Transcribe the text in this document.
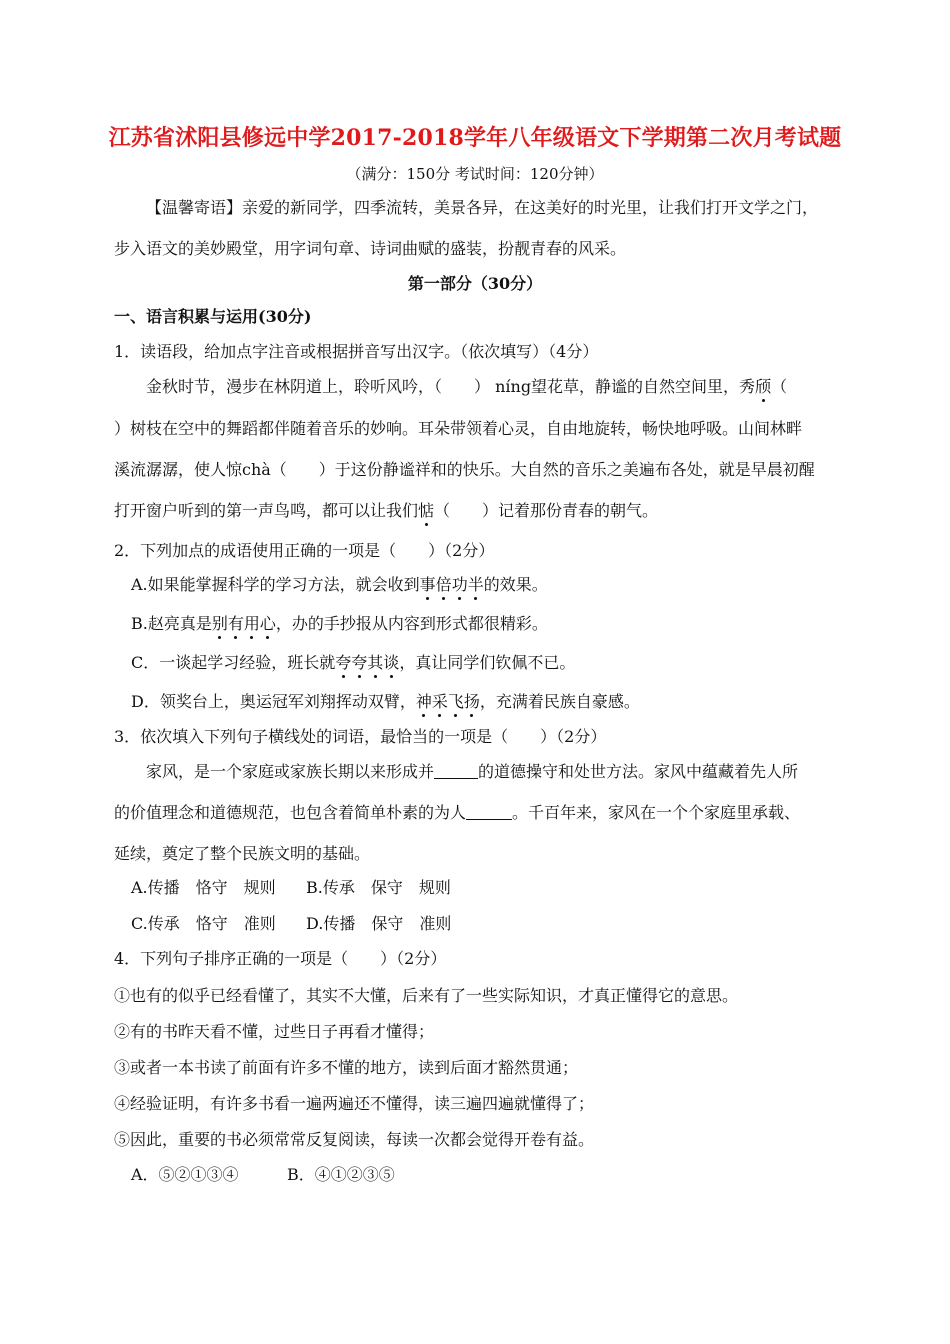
江苏省沭阳县修远中学2017-2018学年八年级语文下学期第二次月考试题
（满分：150分 考试时间：120分钟）
【温馨寄语】亲爱的新同学，四季流转，美景各异，在这美好的时光里，让我们打开文学之门，
步入语文的美妙殿堂，用字词句章、诗词曲赋的盛装，扮靓青春的风采。
第一部分（30分）
一、语言积累与运用(30分)
1．读语段，给加点字注音或根据拼音写出汉字。（依次填写）（4分）
金秋时节，漫步在林阴道上，聆听风吟，（　　） níng望花草，静谧的自然空间里，秀颀（
）树枝在空中的舞蹈都伴随着音乐的妙响。耳朵带领着心灵，自由地旋转，畅快地呼吸。山间林畔
溪流潺潺，使人惊chà（　　）于这份静谧祥和的快乐。大自然的音乐之美遍布各处，就是早晨初醒
打开窗户听到的第一声鸟鸣，都可以让我们惦（　　）记着那份青春的朝气。
2．下列加点的成语使用正确的一项是（　　）（2分）
A.如果能掌握科学的学习方法，就会收到事倍功半的效果。
B.赵亮真是别有用心，办的手抄报从内容到形式都很精彩。
C．一谈起学习经验，班长就夸夸其谈，真让同学们钦佩不已。
D．领奖台上，奥运冠军刘翔挥动双臂，神采飞扬，充满着民族自豪感。
3．依次填入下列句子横线处的词语，最恰当的一项是（　　）（2分）
家风，是一个家庭或家族长期以来形成并	的道德操守和处世方法。家风中蕴藏着先人所
的价值理念和道德规范，也包含着简单朴素的为人	。千百年来，家风在一个个家庭里承载、
延续，奠定了整个民族文明的基础。
A.传播　恪守　规则 B.传承　保守　规则
C.传承　恪守　准则 D.传播　保守　准则
4．下列句子排序正确的一项是（　　）（2分）
①也有的似乎已经看懂了，其实不大懂，后来有了一些实际知识，才真正懂得它的意思。
②有的书昨天看不懂，过些日子再看才懂得；
③或者一本书读了前面有许多不懂的地方，读到后面才豁然贯通；
④经验证明，有许多书看一遍两遍还不懂得，读三遍四遍就懂得了；
⑤因此，重要的书必须常常反复阅读，每读一次都会觉得开卷有益。
A．⑤②①③④	B．④①②③⑤
